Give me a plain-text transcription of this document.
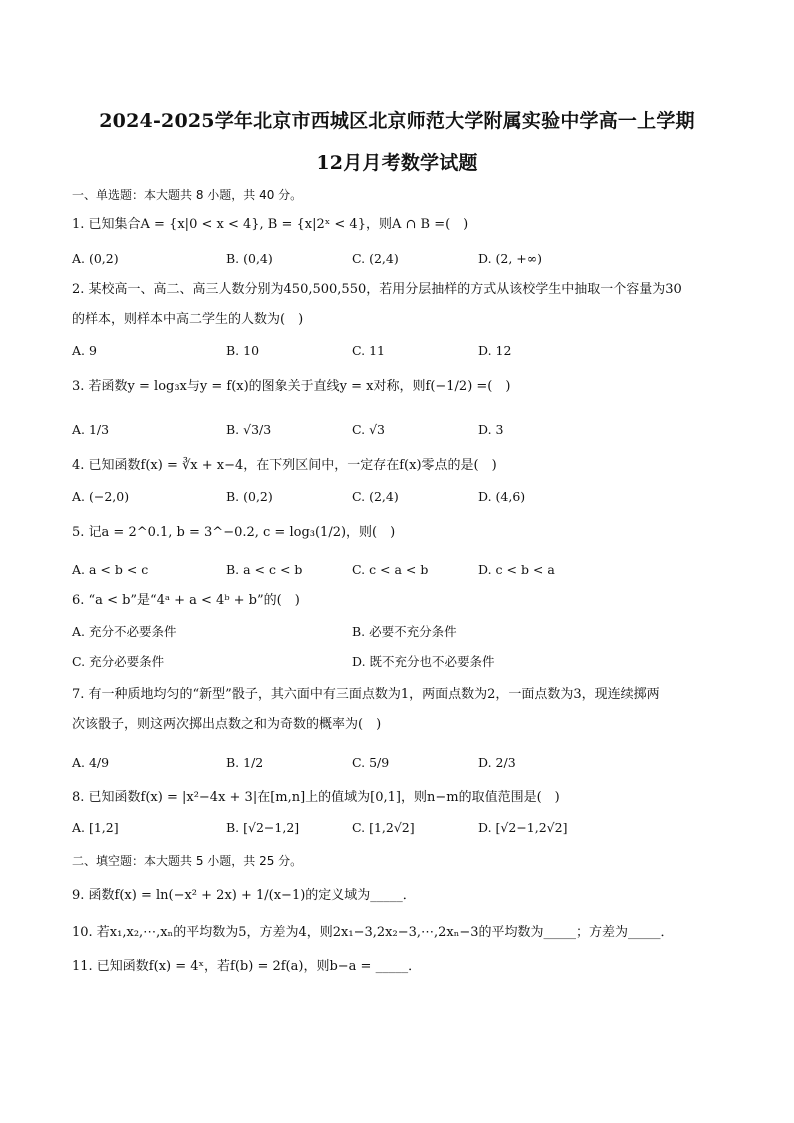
2024-2025学年北京市西城区北京师范大学附属实验中学高一上学期
12月月考数学试题
一、单选题：本大题共 8 小题，共 40 分。
1. 已知集合A = {x|0 < x < 4}, B = {x|2ˣ < 4}，则A ∩ B =(　)
A. (0,2)	B. (0,4)	C. (2,4)	D. (2, +∞)
2. 某校高一、高二、高三人数分别为450,500,550，若用分层抽样的方式从该校学生中抽取一个容量为30
的样本，则样本中高二学生的人数为(　)
A. 9	B. 10	C. 11	D. 12
3. 若函数y = log₃x与y = f(x)的图象关于直线y = x对称，则f(−1/2) =(　)
A. 1/3	B. √3/3	C. √3	D. 3
4. 已知函数f(x) = ∛x + x−4，在下列区间中，一定存在f(x)零点的是(　)
A. (−2,0)	B. (0,2)	C. (2,4)	D. (4,6)
5. 记a = 2^0.1, b = 3^−0.2, c = log₃(1/2)，则(　)
A. a < b < c	B. a < c < b	C. c < a < b	D. c < b < a
6. “a < b”是“4ᵃ + a < 4ᵇ + b”的(　)
A. 充分不必要条件	B. 必要不充分条件
C. 充分必要条件	D. 既不充分也不必要条件
7. 有一种质地均匀的“新型”骰子，其六面中有三面点数为1，两面点数为2，一面点数为3，现连续掷两
次该骰子，则这两次掷出点数之和为奇数的概率为(　)
A. 4/9	B. 1/2	C. 5/9	D. 2/3
8. 已知函数f(x) = |x²−4x + 3|在[m,n]上的值域为[0,1]，则n−m的取值范围是(　)
A. [1,2]	B. [√2−1,2]	C. [1,2√2]	D. [√2−1,2√2]
二、填空题：本大题共 5 小题，共 25 分。
9. 函数f(x) = ln(−x² + 2x) + 1/(x−1)的定义域为_____．
10. 若x₁,x₂,⋯,xₙ的平均数为5，方差为4，则2x₁−3,2x₂−3,⋯,2xₙ−3的平均数为_____；方差为_____．
11. 已知函数f(x) = 4ˣ，若f(b) = 2f(a)，则b−a = _____．
